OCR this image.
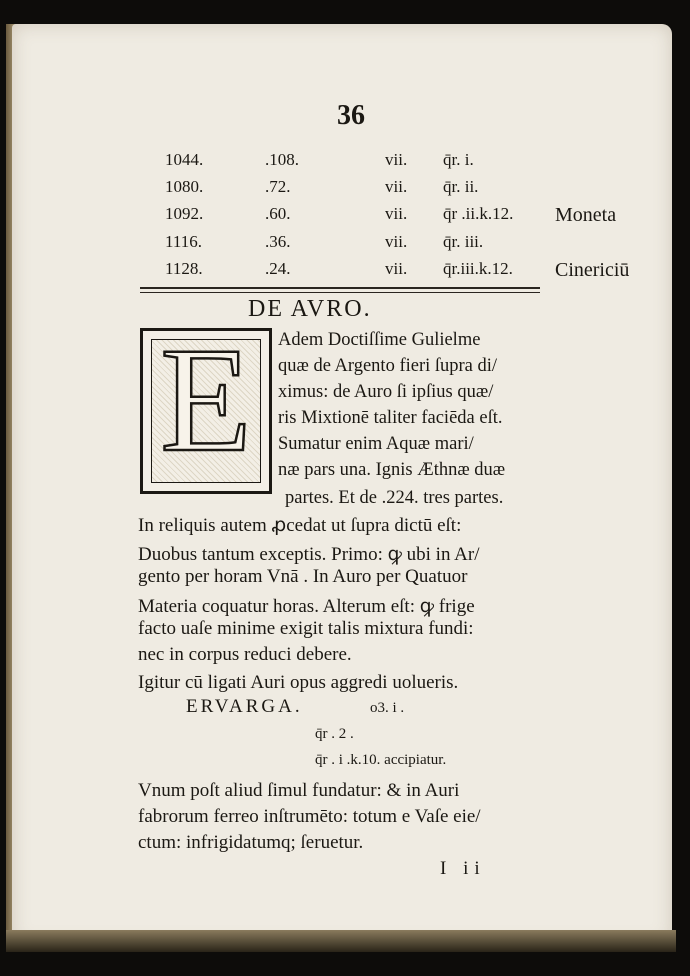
36
1044.	.108.	vii. q̄r. i.
1080.	.72.	vii. q̄r. ii.
1092.	.60.	vii. q̄r .ii.k.12. Moneta
1116.	.36.	vii. q̄r. iii.
1128.	.24.	vii. q̄r.iii.k.12. Cinericiū
DE AVRO.
E	Adem Doctiſſime Gulielme
quæ de Argento fieri ſupra di/
ximus: de Auro ſi ipſius quæ/
ris Mixtionē taliter faciēda eſt.
Sumatur enim Aquæ mari/
næ pars una. Ignis Æthnæ duæ
partes. Et de .224. tres partes.
In reliquis autem ꝓcedat ut ſupra dictū eſt:
Duobus tantum exceptis. Primo: ꝙ ubi in Ar/
gento per horam Vnā . In Auro per Quatuor
Materia coquatur horas. Alterum eſt: ꝙ frige
facto uaſe minime exigit talis mixtura fundi:
nec in corpus reduci debere.
Igitur cū ligati Auri opus aggredi uolueris.
ERVARGA.	o3. i .
q̄r . 2 .
q̄r . i .k.10. accipiatur.
Vnum poſt aliud ſimul fundatur: & in Auri
fabrorum ferreo inſtrumēto: totum e Vaſe eie/
ctum: infrigidatumq; ſeruetur.
I ii
